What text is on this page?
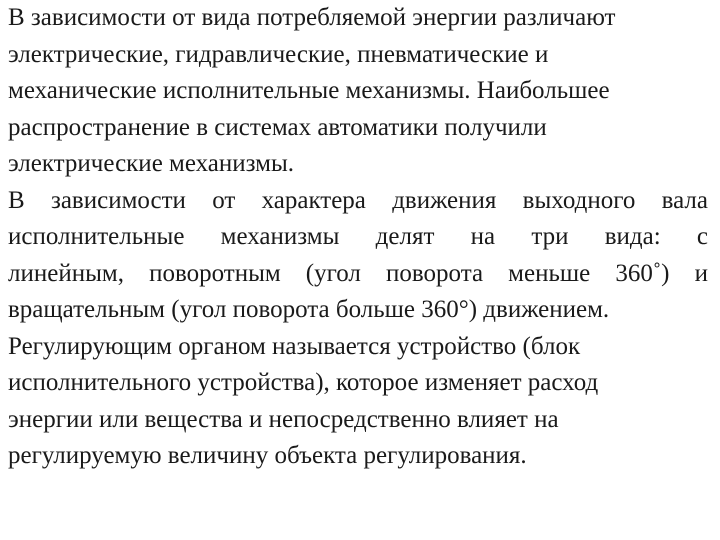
В зависимости от вида потребляемой энергии различают
электрические, гидравлические, пневматические и
механические исполнительные механизмы. Наибольшее
распространение в системах автоматики получили
электрические механизмы.
В зависимости от характера движения выходного вала
исполнительные механизмы делят на три вида: с
линейным, поворотным (угол поворота меньше 360˚) и
вращательным (угол поворота больше 360°) движением.
Регулирующим органом называется устройство (блок
исполнительного устройства), которое изменяет расход
энергии или вещества и непосредственно влияет на
регулируемую величину объекта регулирования.
